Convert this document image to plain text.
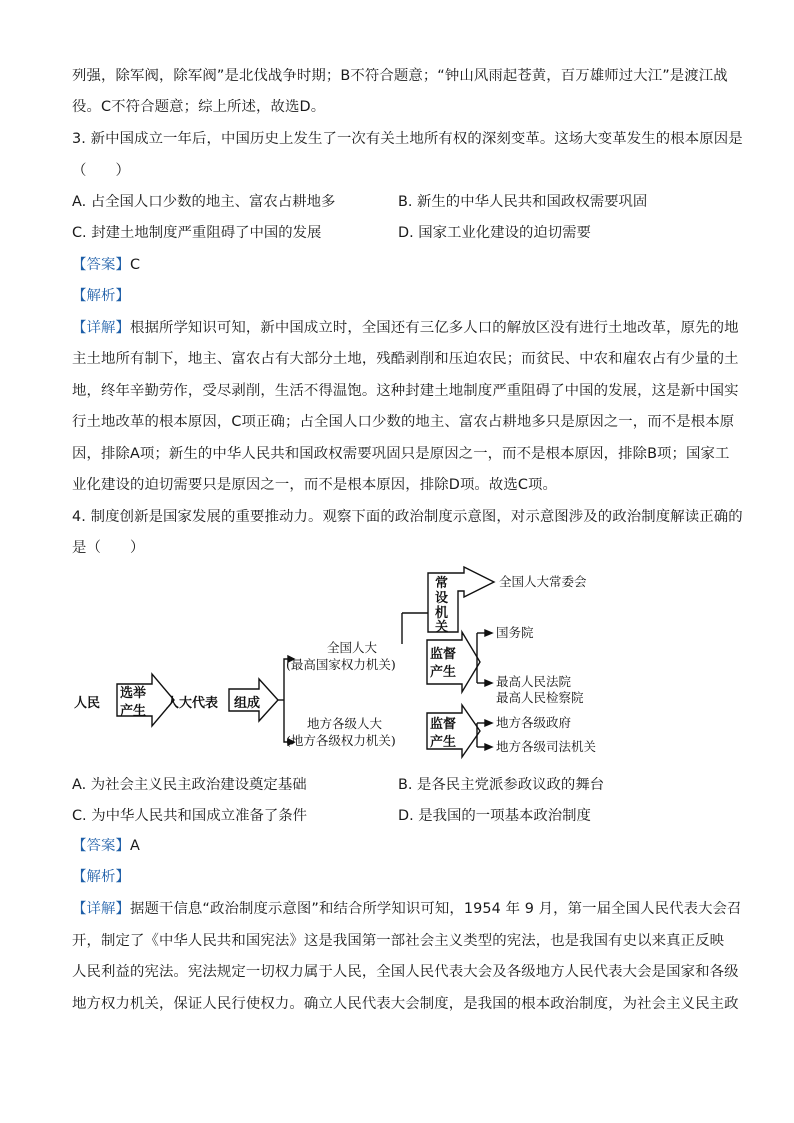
列强，除军阀，除军阀”是北伐战争时期；B不符合题意；“钟山风雨起苍黄，百万雄师过大江”是渡江战
役。C不符合题意；综上所述，故选D。
3. 新中国成立一年后，中国历史上发生了一次有关土地所有权的深刻变革。这场大变革发生的根本原因是
（　　）
A. 占全国人口少数的地主、富农占耕地多	B. 新生的中华人民共和国政权需要巩固
C. 封建土地制度严重阻碍了中国的发展	D. 国家工业化建设的迫切需要
【答案】C
【解析】
【详解】根据所学知识可知，新中国成立时，全国还有三亿多人口的解放区没有进行土地改革，原先的地
主土地所有制下，地主、富农占有大部分土地，残酷剥削和压迫农民；而贫民、中农和雇农占有少量的土
地，终年辛勤劳作，受尽剥削，生活不得温饱。这种封建土地制度严重阻碍了中国的发展，这是新中国实
行土地改革的根本原因，C项正确；占全国人口少数的地主、富农占耕地多只是原因之一，而不是根本原
因，排除A项；新生的中华人民共和国政权需要巩固只是原因之一，而不是根本原因，排除B项；国家工
业化建设的迫切需要只是原因之一，而不是根本原因，排除D项。故选C项。
4. 制度创新是国家发展的重要推动力。观察下面的政治制度示意图，对示意图涉及的政治制度解读正确的
是（　　）
人民
选举
产生
人大代表 组成
全国人大
(最高国家权力机关)
地方各级人大
(地方各级权力机关)
常
设
机
关
全国人大常委会
监督
产生
国务院
最高人民法院
最高人民检察院
监督
产生
地方各级政府
地方各级司法机关
A. 为社会主义民主政治建设奠定基础	B. 是各民主党派参政议政的舞台
C. 为中华人民共和国成立准备了条件	D. 是我国的一项基本政治制度
【答案】A
【解析】
【详解】据题干信息“政治制度示意图”和结合所学知识可知，1954 年 9 月，第一届全国人民代表大会召
开，制定了《中华人民共和国宪法》这是我国第一部社会主义类型的宪法，也是我国有史以来真正反映
人民利益的宪法。宪法规定一切权力属于人民，全国人民代表大会及各级地方人民代表大会是国家和各级
地方权力机关，保证人民行使权力。确立人民代表大会制度，是我国的根本政治制度，为社会主义民主政
